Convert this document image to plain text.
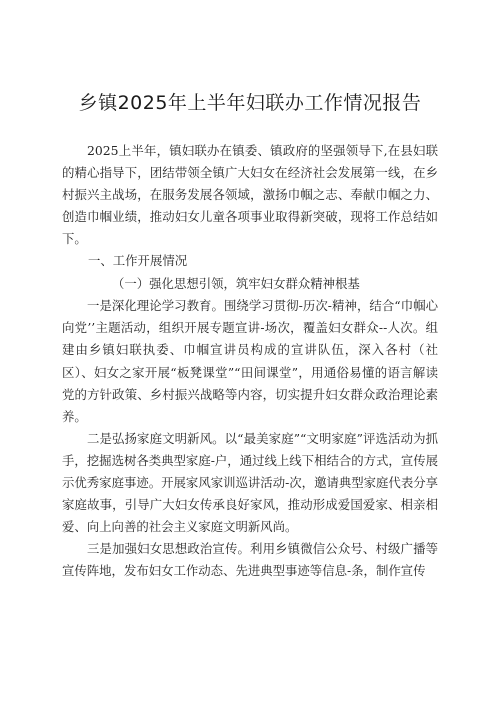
乡镇2025年上半年妇联办工作情况报告

2025上半年，镇妇联办在镇委、镇政府的坚强领导下,在县妇联的精心指导下，团结带领全镇广大妇女在经济社会发展第一线，在乡村振兴主战场，在服务发展各领域，激扬巾帼之志、奉献巾帼之力、创造巾帼业绩，推动妇女儿童各项事业取得新突破，现将工作总结如下。

一、工作开展情况

（一）强化思想引领，筑牢妇女群众精神根基

一是深化理论学习教育。围绕学习贯彻-历次-精神，结合“巾帼心向党’’主题活动，组织开展专题宣讲-场次，覆盖妇女群众--人次。组建由乡镇妇联执委、巾帼宣讲员构成的宣讲队伍，深入各村（社区）、妇女之家开展“板凳课堂”“田间课堂”，用通俗易懂的语言解读党的方针政策、乡村振兴战略等内容，切实提升妇女群众政治理论素养。

二是弘扬家庭文明新风。以“最美家庭”“文明家庭”评选活动为抓手，挖掘选树各类典型家庭-户，通过线上线下相结合的方式，宣传展示优秀家庭事迹。开展家风家训巡讲活动-次，邀请典型家庭代表分享家庭故事，引导广大妇女传承良好家风，推动形成爱国爱家、相亲相爱、向上向善的社会主义家庭文明新风尚。

三是加强妇女思想政治宣传。利用乡镇微信公众号、村级广播等宣传阵地，发布妇女工作动态、先进典型事迹等信息-条，制作宣传
